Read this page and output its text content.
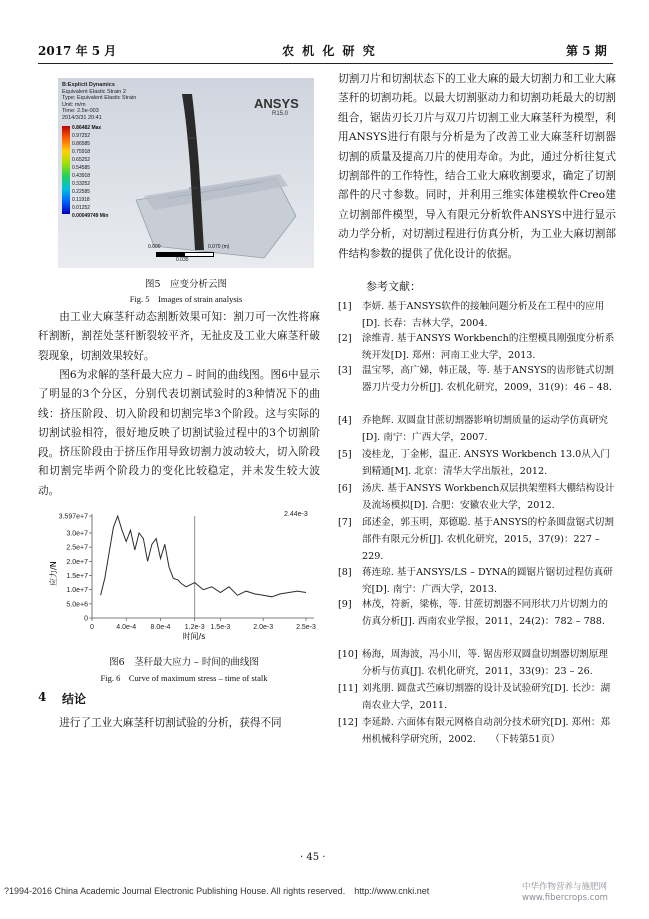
2017 年 5 月	农 机 化 研 究	第 5 期
B:Explicit Dynamics
Equivalent Elastic Strain 2
Type: Equivalent Elastic Strain
Unit: m/m
Time: 2.5e-003
2014/3/31 20:41
ANSYS
R15.0
0.86482 Max
0.97252
0.86585
0.75918
0.65252
0.54585
0.43918
0.33252
0.22585
0.11918
0.01252
0.00049749 Min
0.000	0.070 (m)
0.035
图5　应变分析云图
Fig. 5　Images of strain analysis
由工业大麻茎秆动态割断效果可知：割刀可一次性将麻秆割断，割茬处茎秆断裂较平齐，无扯皮及工业大麻茎秆破裂现象，切割效果较好。
图6为求解的茎秆最大应力 – 时间的曲线图。图6中显示了明显的3个分区，分别代表切割试验时的3种情况下的曲线：挤压阶段、切入阶段和切割完毕3个阶段。这与实际的切割试验相符，很好地反映了切割试验过程中的3个切割阶段。 挤压阶段由于挤压作用导致切割力波动较大，切入阶段和切割完毕两个阶段力的变化比较稳定，并未发生较大波动。
3.597e+7
3.0e+7
2.5e+7
2.0e+7
1.5e+7
1.0e+7
5.0e+6
0
0	4.0e-4 8.0e-4 1.2e-3 1.5e-3	2.0e-3	2.5e-3
2.44e-3
应力/N
时间/s
图6　茎秆最大应力 – 时间的曲线图
Fig. 6　Curve of maximum stress – time of stalk
4 结论
进行了工业大麻茎秆切割试验的分析，获得不同
切割刀片和切割状态下的工业大麻的最大切割力和工业大麻茎秆的切割功耗。以最大切割驱动力和切割功耗最大的切割组合，锯齿刃长刀片与双刀片切割工业大麻茎秆为模型，利用ANSYS进行有限与分析是为了改善工业大麻茎秆切割器切割的质量及提高刀片的使用寿命。为此，通过分析往复式切割部件的工作特性，结合工业大麻收割要求，确定了切割部件的尺寸参数。同时，并利用三维实体建模软件Creo建立切割部件模型，导入有限元分析软件ANSYS中进行显示动力学分析，对切割过程进行仿真分析，为工业大麻切割部件结构参数的提供了优化设计的依据。
参考文献：
[1] 李妍. 基于ANSYS软件的接触问题分析及在工程中的应用[D]. 长春：吉林大学，2004.
[2] 涂维青. 基于ANSYS Workbench的注塑模具刚强度分析系统开发[D]. 郑州：河南工业大学，2013.
[3] 温宝琴，高广娣，韩正晟，等. 基于ANSYS的齿形链式切割器刀片受力分析[J]. 农机化研究，2009，31(9)：46 – 48.
[4] 乔艳辉. 双圆盘甘蔗切割器影响切割质量的运动学仿真研究[D]. 南宁：广西大学，2007.
[5] 凌桂龙，丁金彬，温正. ANSYS Workbench 13.0从入门到精通[M]. 北京：清华大学出版社，2012.
[6] 汤庆. 基于ANSYS Workbench双层拱架塑料大棚结构设计及流场模拟[D]. 合肥：安徽农业大学，2012.
[7] 邱述金，郭玉明，郑德聪. 基于ANSYS的柠条圆盘锯式切割部件有限元分析[J]. 农机化研究，2015，37(9)：227 – 229.
[8] 蒋连琼. 基于ANSYS/LS – DYNA的圆锯片锯切过程仿真研究[D]. 南宁：广西大学，2013.
[9] 林茂，符新，梁栋，等. 甘蔗切割器不同形状刀片切割力的仿真分析[J]. 西南农业学报，2011，24(2)：782 – 788.
[10] 杨海，周海波，冯小川，等. 锯齿形双圆盘切割器切割原理分析与仿真[J]. 农机化研究，2011，33(9)：23 – 26.
[11] 刘兆朋. 圆盘式苎麻切割器的设计及试验研究[D]. 长沙：湖南农业大学，2011.
[12] 李延龄. 六面体有限元网格自动剖分技术研究[D]. 郑州：郑州机械科学研究所，2002.　　（下转第51页）
· 45 ·
?1994-2016 China Academic Journal Electronic Publishing House. All rights reserved.　http://www.cnki.net	中华作物营养与施肥网 www.fibercrops.com
